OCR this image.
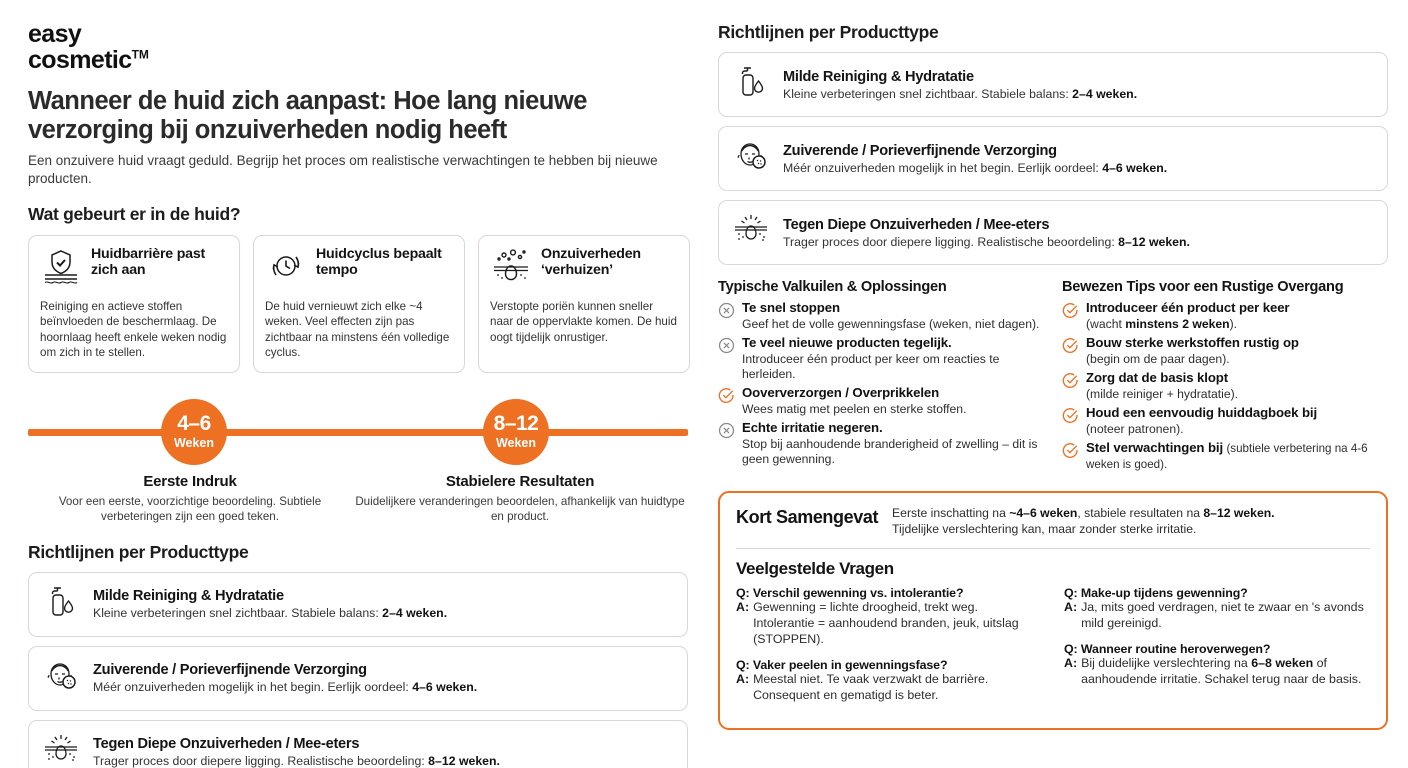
easy
cosmetic™
Wanneer de huid zich aanpast: Hoe lang nieuwe verzorging bij onzuiverheden nodig heeft
Een onzuivere huid vraagt geduld. Begrijp het proces om realistische verwachtingen te hebben bij nieuwe producten.
Wat gebeurt er in de huid?
Huidbarrière past zich aan
Reiniging en actieve stoffen beïnvloeden de beschermlaag. De hoornlaag heeft enkele weken nodig om zich in te stellen.
Huidcyclus bepaalt tempo
De huid vernieuwt zich elke ~4 weken. Veel effecten zijn pas zichtbaar na minstens één volledige cyclus.
Onzuiverheden ‘verhuizen’
Verstopte poriën kunnen sneller naar de oppervlakte komen. De huid oogt tijdelijk onrustiger.
4–6
Weken
8–12
Weken
Eerste Indruk
Voor een eerste, voorzichtige beoordeling. Subtiele verbeteringen zijn een goed teken.
Stabielere Resultaten
Duidelijkere veranderingen beoordelen, afhankelijk van huidtype en product.
Richtlijnen per Producttype
Milde Reiniging & Hydratatie
Kleine verbeteringen snel zichtbaar. Stabiele balans: 2–4 weken.
Zuiverende / Porieverfijnende Verzorging
Méér onzuiverheden mogelijk in het begin. Eerlijk oordeel: 4–6 weken.
Tegen Diepe Onzuiverheden / Mee-eters
Trager proces door diepere ligging. Realistische beoordeling: 8–12 weken.
Richtlijnen per Producttype
Milde Reiniging & Hydratatie
Kleine verbeteringen snel zichtbaar. Stabiele balans: 2–4 weken.
Zuiverende / Porieverfijnende Verzorging
Méér onzuiverheden mogelijk in het begin. Eerlijk oordeel: 4–6 weken.
Tegen Diepe Onzuiverheden / Mee-eters
Trager proces door diepere ligging. Realistische beoordeling: 8–12 weken.
Typische Valkuilen & Oplossingen
Te snel stoppen
Geef het de volle gewenningsfase (weken, niet dagen).
Te veel nieuwe producten tegelijk.
Introduceer één product per keer om reacties te herleiden.
Ooververzorgen / Overprikkelen
Wees matig met peelen en sterke stoffen.
Echte irritatie negeren.
Stop bij aanhoudende branderigheid of zwelling – dit is geen gewenning.
Bewezen Tips voor een Rustige Overgang
Introduceer één product per keer
(wacht minstens 2 weken).
Bouw sterke werkstoffen rustig op
(begin om de paar dagen).
Zorg dat de basis klopt
(milde reiniger + hydratatie).
Houd een eenvoudig huiddagboek bij
(noteer patronen).
Stel verwachtingen bij (subtiele verbetering na 4-6 weken is goed).
Kort Samengevat Eerste inschatting na ~4–6 weken, stabiele resultaten na 8–12 weken.
Tijdelijke verslechtering kan, maar zonder sterke irritatie.
Veelgestelde Vragen
Q: Verschil gewenning vs. intolerantie?
A: Gewenning = lichte droogheid, trekt weg. Intolerantie = aanhoudend branden, jeuk, uitslag (STOPPEN).
Q: Vaker peelen in gewenningsfase?
A: Meestal niet. Te vaak verzwakt de barrière. Consequent en gematigd is beter.
Q: Make-up tijdens gewenning?
A: Ja, mits goed verdragen, niet te zwaar en 's avonds mild gereinigd.
Q: Wanneer routine heroverwegen?
A: Bij duidelijke verslechtering na 6–8 weken of aanhoudende irritatie. Schakel terug naar de basis.
